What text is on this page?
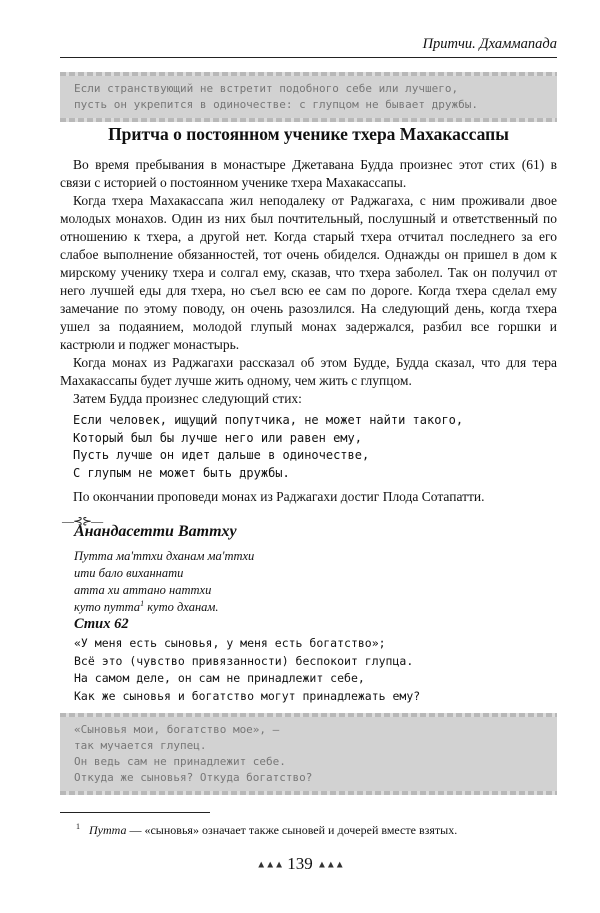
Притчи. Дхаммапада
Если странствующий не встретит подобного себе или лучшего,
пусть он укрепится в одиночестве: с глупцом не бывает дружбы.
Притча о постоянном ученике тхера Махакассапы

Во время пребывания в монастыре Джетавана Будда произнес этот стих (61) в связи с историей о постоянном ученике тхера Махакассапы.

Когда тхера Махакассапа жил неподалеку от Раджагаха, с ним проживали двое молодых монахов. Один из них был почтительный, послушный и ответственный по отношению к тхера, а другой нет. Когда старый тхера отчитал последнего за его слабое выполнение обязанностей, тот очень обиделся. Однажды он пришел в дом к мирскому ученику тхера и солгал ему, сказав, что тхера заболел. Так он получил от него лучшей еды для тхера, но съел всю ее сам по дороге. Когда тхера сделал ему замечание по этому поводу, он очень разозлился. На следующий день, когда тхера ушел за подаянием, молодой глупый монах задержался, разбил все горшки и кастрюли и поджег монастырь.

Когда монах из Раджагахи рассказал об этом Будде, Будда сказал, что для тера Махакассапы будет лучше жить одному, чем жить с глупцом.

Затем Будда произнес следующий стих:

Если человек, ищущий попутчика, не может найти такого,
Который был бы лучше него или равен ему,
Пусть лучше он идет дальше в одиночестве,
С глупым не может быть дружбы.

По окончании проповеди монах из Раджагахи достиг Плода Сотапатти.

—⊰⊱—
Анандасетти Ваттху
Путта ма'ттхи дханам ма'ттхи
ити бало виханнати
атта хи аттано наттхи
куто путта$^1$ куто дханам.
Стих 62
«У меня есть сыновья, у меня есть богатство»;
Всё это (чувство привязанности) беспокоит глупца.
На самом деле, он сам не принадлежит себе,
Как же сыновья и богатство могут принадлежать ему?
«Сыновья мои, богатство мое», —
так мучается глупец.
Он ведь сам не принадлежит себе.
Откуда же сыновья? Откуда богатство?
$^1$ Путта — «сыновья» означает также сыновей и дочерей вместе взятых.
▲▲▲ 139 ▲▲▲
